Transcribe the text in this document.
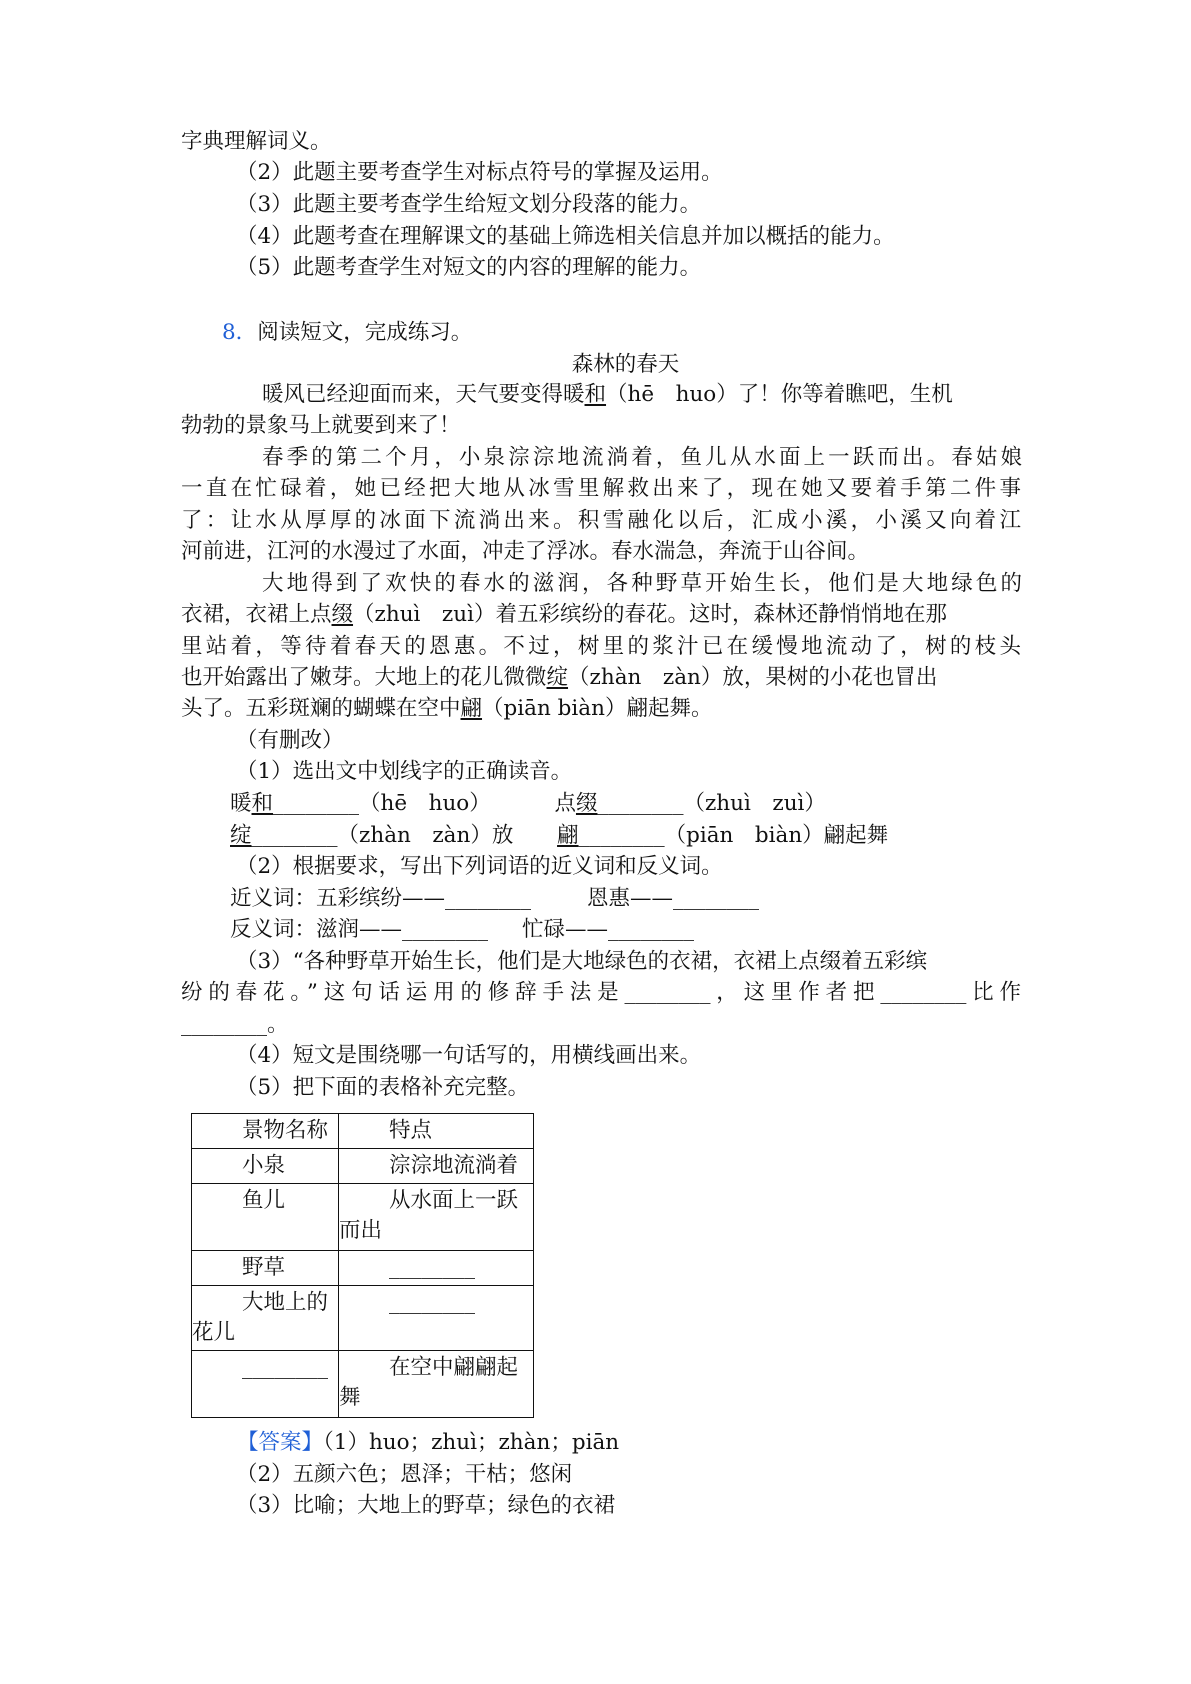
字典理解词义。
（2）此题主要考查学生对标点符号的掌握及运用。
（3）此题主要考查学生给短文划分段落的能力。
（4）此题考查在理解课文的基础上筛选相关信息并加以概括的能力。
（5）此题考查学生对短文的内容的理解的能力。
8．阅读短文，完成练习。
森林的春天
暖风已经迎面而来，天气要变得暖和（hē　huo）了！你等着瞧吧，生机
勃勃的景象马上就要到来了！
春季的第二个月，小泉淙淙地流淌着，鱼儿从水面上一跃而出。春姑娘
一直在忙碌着，她已经把大地从冰雪里解救出来了，现在她又要着手第二件事
了：让水从厚厚的冰面下流淌出来。积雪融化以后，汇成小溪，小溪又向着江
河前进，江河的水漫过了水面，冲走了浮冰。春水湍急，奔流于山谷间。
大地得到了欢快的春水的滋润，各种野草开始生长，他们是大地绿色的
衣裙，衣裙上点缀（zhuì　zuì）着五彩缤纷的春花。这时，森林还静悄悄地在那
里站着，等待着春天的恩惠。不过，树里的浆汁已在缓慢地流动了，树的枝头
也开始露出了嫩芽。大地上的花儿微微绽（zhàn　zàn）放，果树的小花也冒出
头了。五彩斑斓的蝴蝶在空中翩（piān biàn）翩起舞。
（有删改）
（1）选出文中划线字的正确读音。
暖和________（hē　huo）	点缀________（zhuì　zuì）
绽________（zhàn　zàn）放 翩________（piān　biàn）翩起舞
（2）根据要求，写出下列词语的近义词和反义词。
近义词：五彩缤纷——________	恩惠——________
反义词：滋润——________ 忙碌——________
（3）“各种野草开始生长，他们是大地绿色的衣裙，衣裙上点缀着五彩缤
纷的春花。”这句话运用的修辞手法是________，这里作者把________比作
________。
（4）短文是围绕哪一句话写的，用横线画出来。
（5）把下面的表格补充完整。
景物名称	特点

小泉	淙淙地流淌着

鱼儿	从水面上一跃
而出

野草	________

大地上的
花儿	________

________	在空中翩翩起
舞
【答案】（1）huo；zhuì；zhàn；piān
（2）五颜六色；恩泽；干枯；悠闲
（3）比喻；大地上的野草；绿色的衣裙
